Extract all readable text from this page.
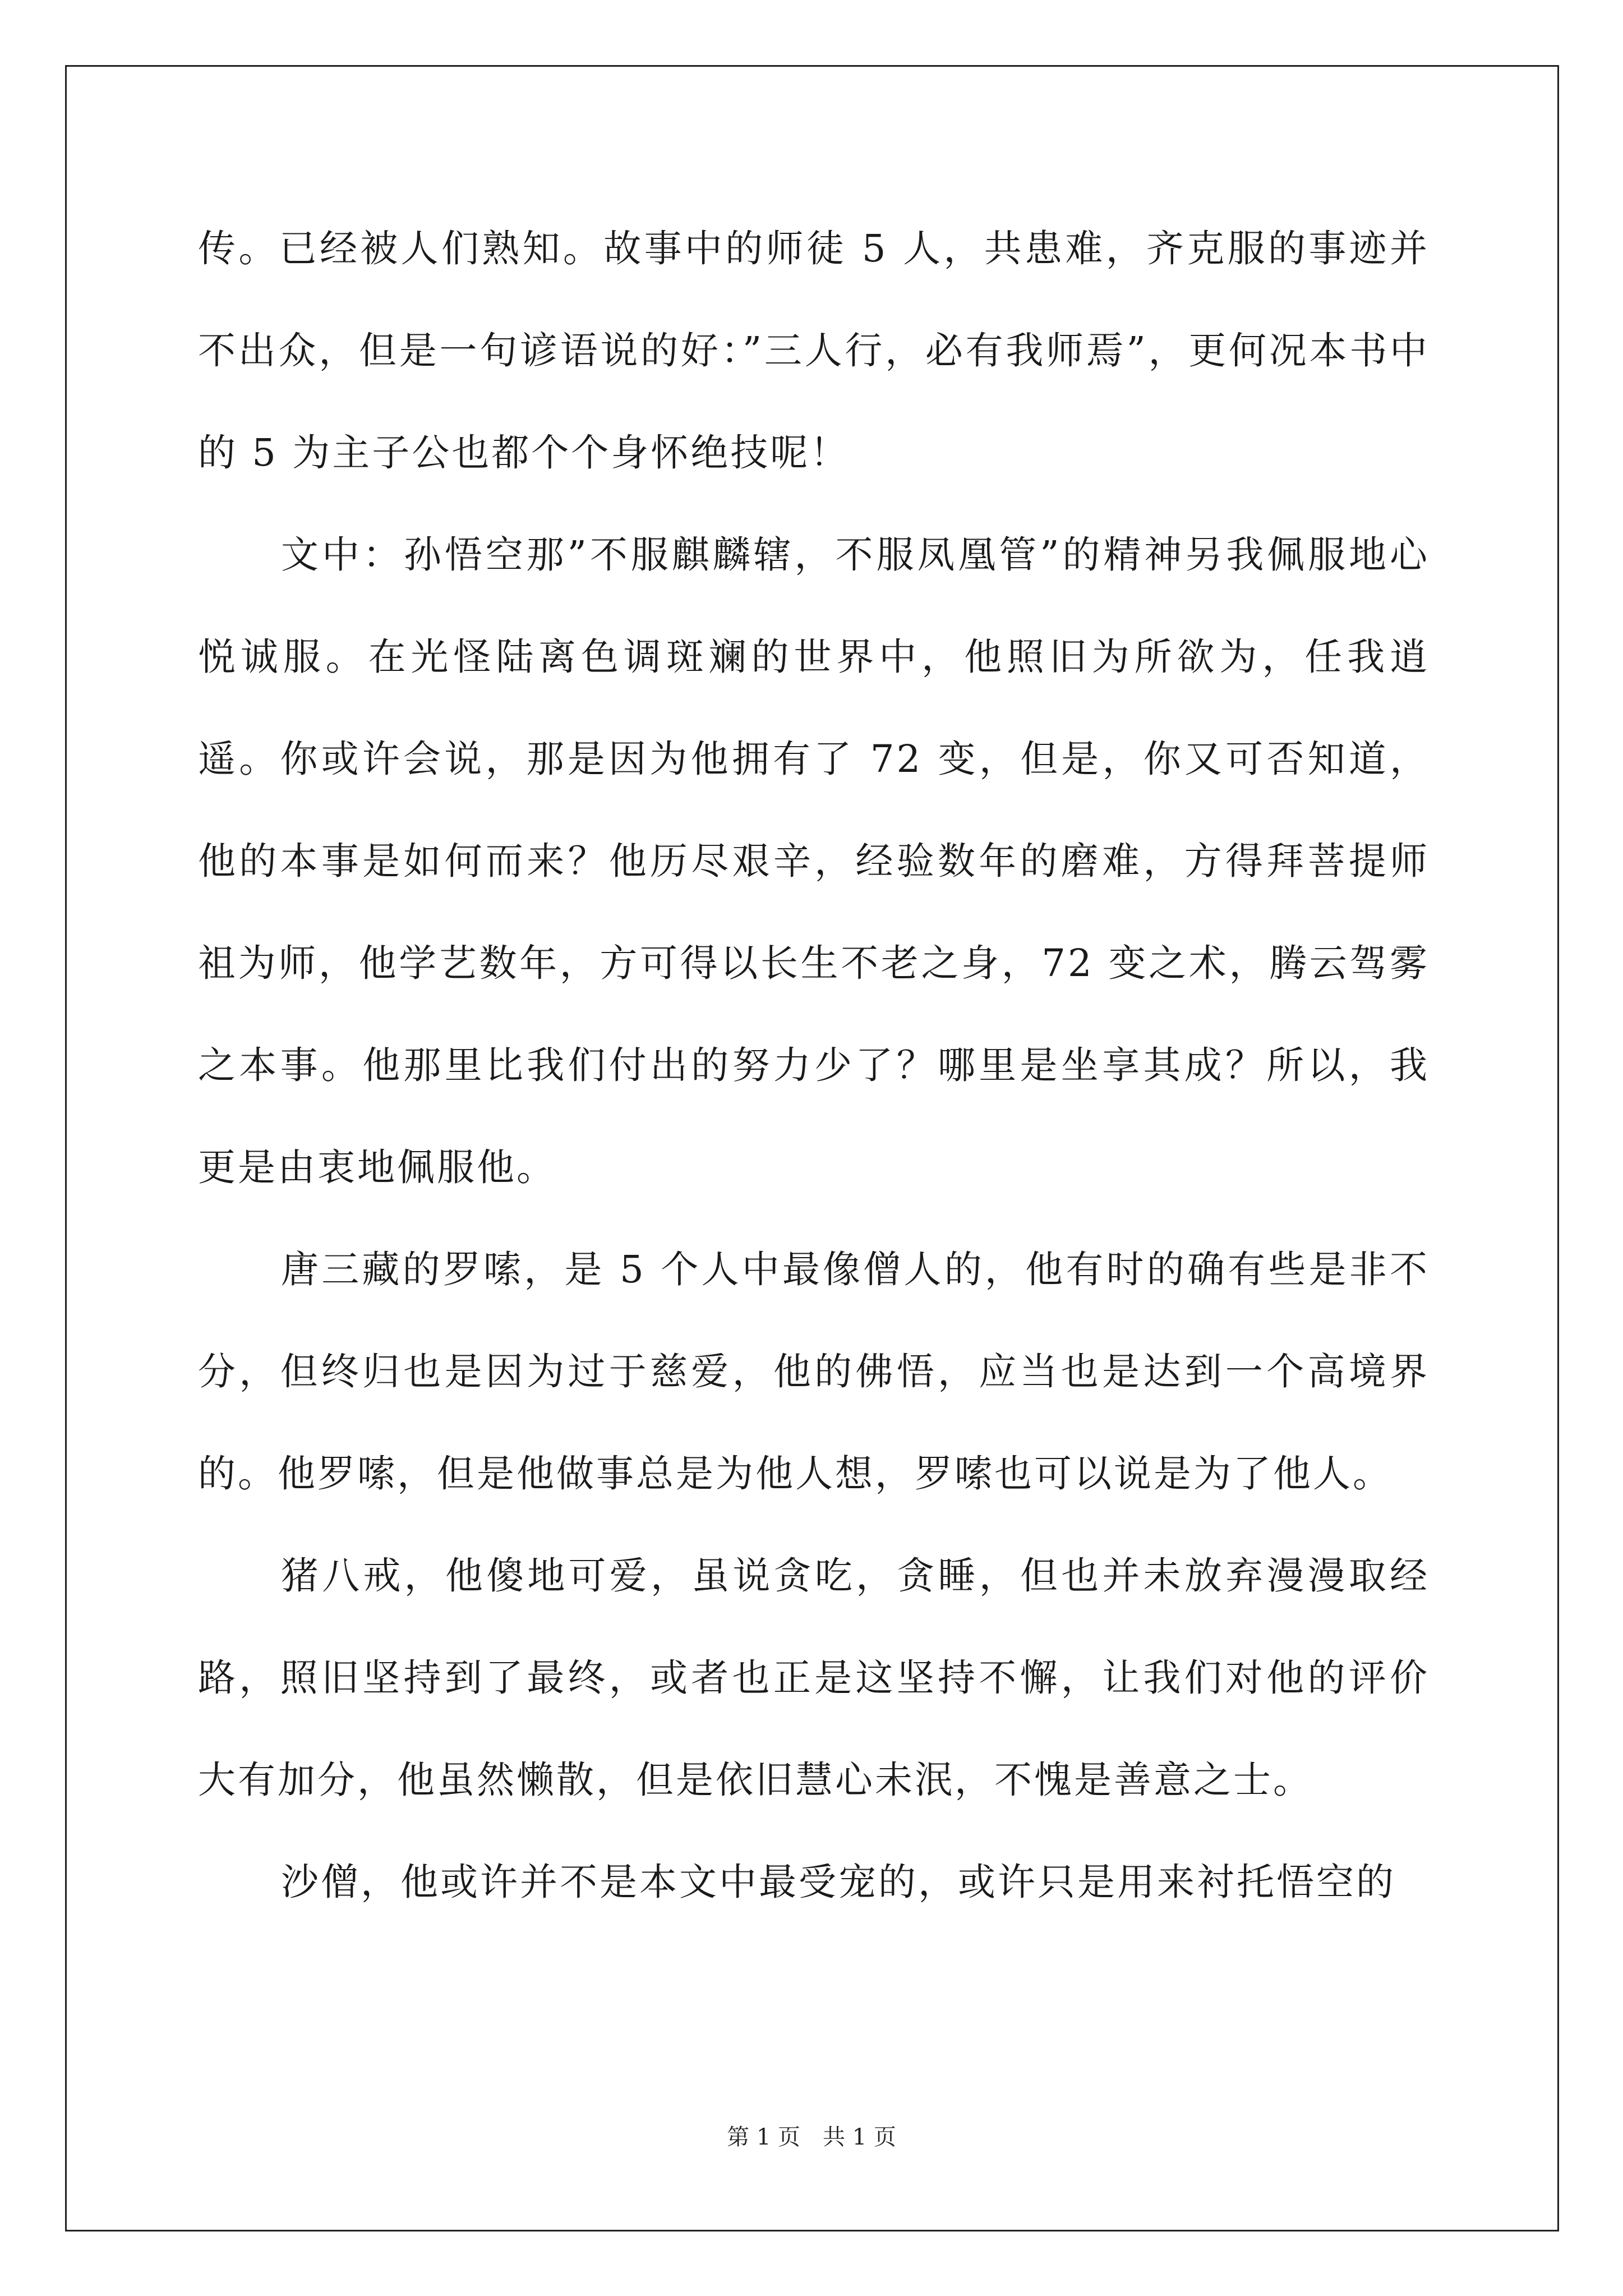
传。已经被人们熟知。故事中的师徒 5 人，共患难，齐克服的事迹并不出众，但是一句谚语说的好：”三人行，必有我师焉”，更何况本书中的 5 为主子公也都个个身怀绝技呢！

文中：孙悟空那”不服麒麟辖，不服凤凰管”的精神另我佩服地心悦诚服。在光怪陆离色调斑斓的世界中，他照旧为所欲为，任我逍遥。你或许会说，那是因为他拥有了 72 变，但是，你又可否知道，他的本事是如何而来？他历尽艰辛，经验数年的磨难，方得拜菩提师祖为师，他学艺数年，方可得以长生不老之身，72 变之术，腾云驾雾之本事。他那里比我们付出的努力少了？哪里是坐享其成？所以，我更是由衷地佩服他。

唐三藏的罗嗦，是 5 个人中最像僧人的，他有时的确有些是非不分，但终归也是因为过于慈爱，他的佛悟，应当也是达到一个高境界的。他罗嗦，但是他做事总是为他人想，罗嗦也可以说是为了他人。

猪八戒，他傻地可爱，虽说贪吃，贪睡，但也并未放弃漫漫取经路，照旧坚持到了最终，或者也正是这坚持不懈，让我们对他的评价大有加分，他虽然懒散，但是依旧慧心未泯，不愧是善意之士。

沙僧，他或许并不是本文中最受宠的，或许只是用来衬托悟空的

第 1 页　共 1 页
